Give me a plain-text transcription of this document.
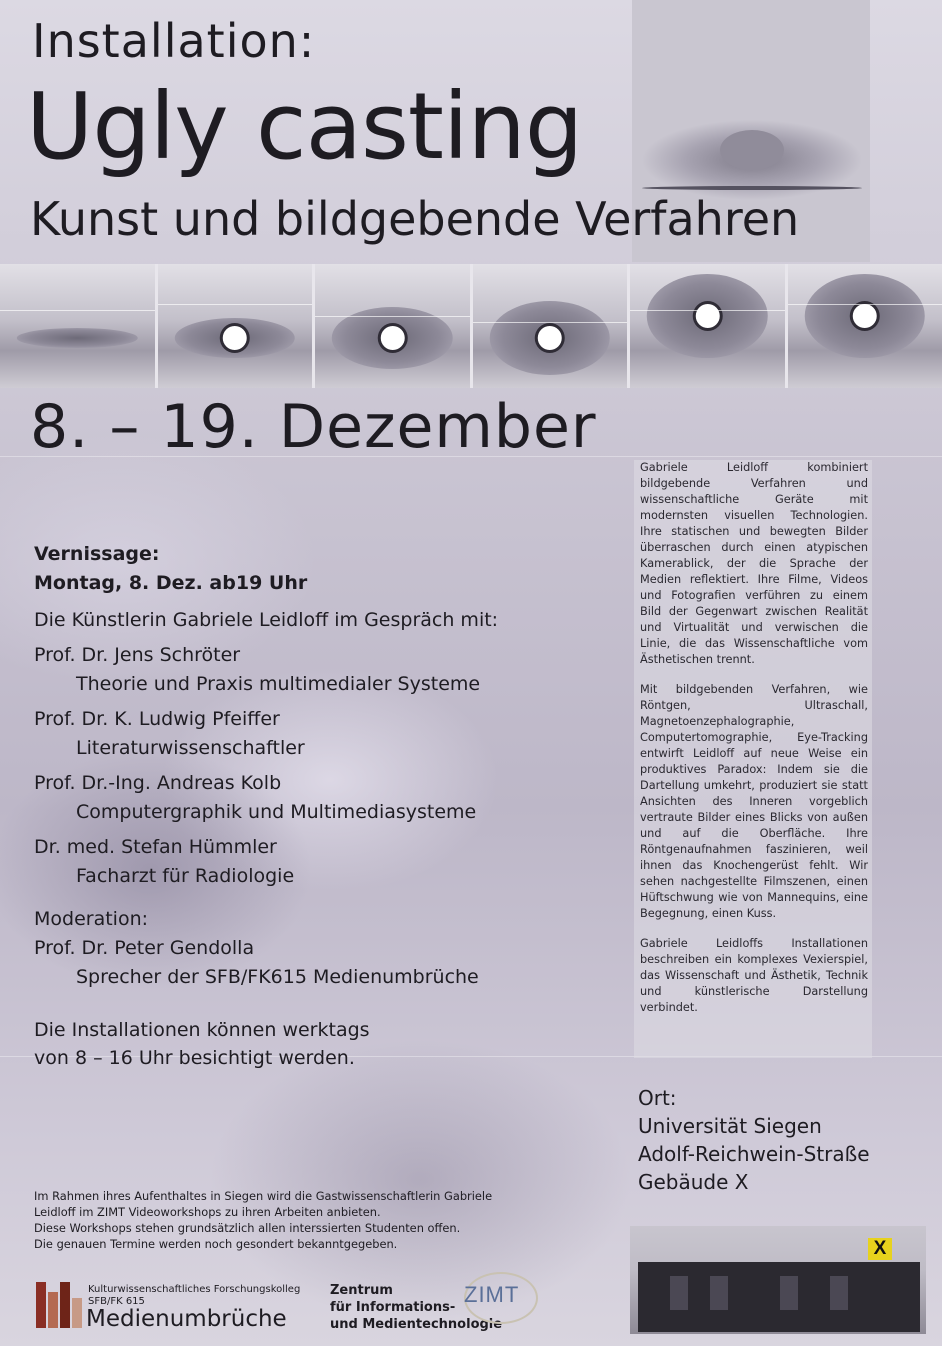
Installation:
Ugly casting
Kunst und bildgebende Verfahren
8. – 19. Dezember
Vernissage:
Montag, 8. Dez. ab19 Uhr
Die Künstlerin Gabriele Leidloff im Gespräch mit:
Prof. Dr. Jens Schröter
Theorie und Praxis multimedialer Systeme
Prof. Dr. K. Ludwig Pfeiffer
Literaturwissenschaftler
Prof. Dr.-Ing. Andreas Kolb
Computergraphik und Multimediasysteme
Dr. med. Stefan Hümmler
Facharzt für Radiologie
Moderation:
Prof. Dr. Peter Gendolla
Sprecher der SFB/FK615 Medienumbrüche
Die Installationen können werktags
von 8 – 16 Uhr besichtigt werden.

Gabriele Leidloff kombiniert bildgebende Verfahren und wissenschaftliche Geräte mit modernsten visuellen Technologien. Ihre statischen und bewegten Bilder überraschen durch einen atypischen Kamerablick, der die Sprache der Medien reflektiert. Ihre Filme, Videos und Fotografien verführen zu einem Bild der Gegenwart zwischen Realität und Virtualität und verwischen die Linie, die das Wissenschaftliche vom Ästhetischen trennt.

Mit bildgebenden Verfahren, wie Röntgen, Ultraschall, Magnetoenzephalographie, Computertomographie, Eye-Tracking entwirft Leidloff auf neue Weise ein produktives Paradox: Indem sie die Dartellung umkehrt, produziert sie statt Ansichten des Inneren vorgeblich vertraute Bilder eines Blicks von außen und auf die Oberfläche. Ihre Röntgenaufnahmen faszinieren, weil ihnen das Knochengerüst fehlt. Wir sehen nachgestellte Filmszenen, einen Hüftschwung wie von Mannequins, eine Begegnung, einen Kuss.

Gabriele Leidloffs Installationen beschreiben ein komplexes Vexierspiel, das Wissenschaft und Ästhetik, Technik und künstlerische Darstellung verbindet.

Ort:
Universität Siegen
Adolf-Reichwein-Straße
Gebäude X
Im Rahmen ihres Aufenthaltes in Siegen wird die Gastwissenschaftlerin Gabriele
Leidloff im ZIMT Videoworkshops zu ihren Arbeiten anbieten.
Diese Workshops stehen grundsätzlich allen interssierten Studenten offen.
Die genauen Termine werden noch gesondert bekanntgegeben.	X
Kulturwissenschaftliches Forschungskolleg
SFB/FK 615
Medienumbrüche
Zentrum
für Informations-
und Medientechnologie
ZIMT
